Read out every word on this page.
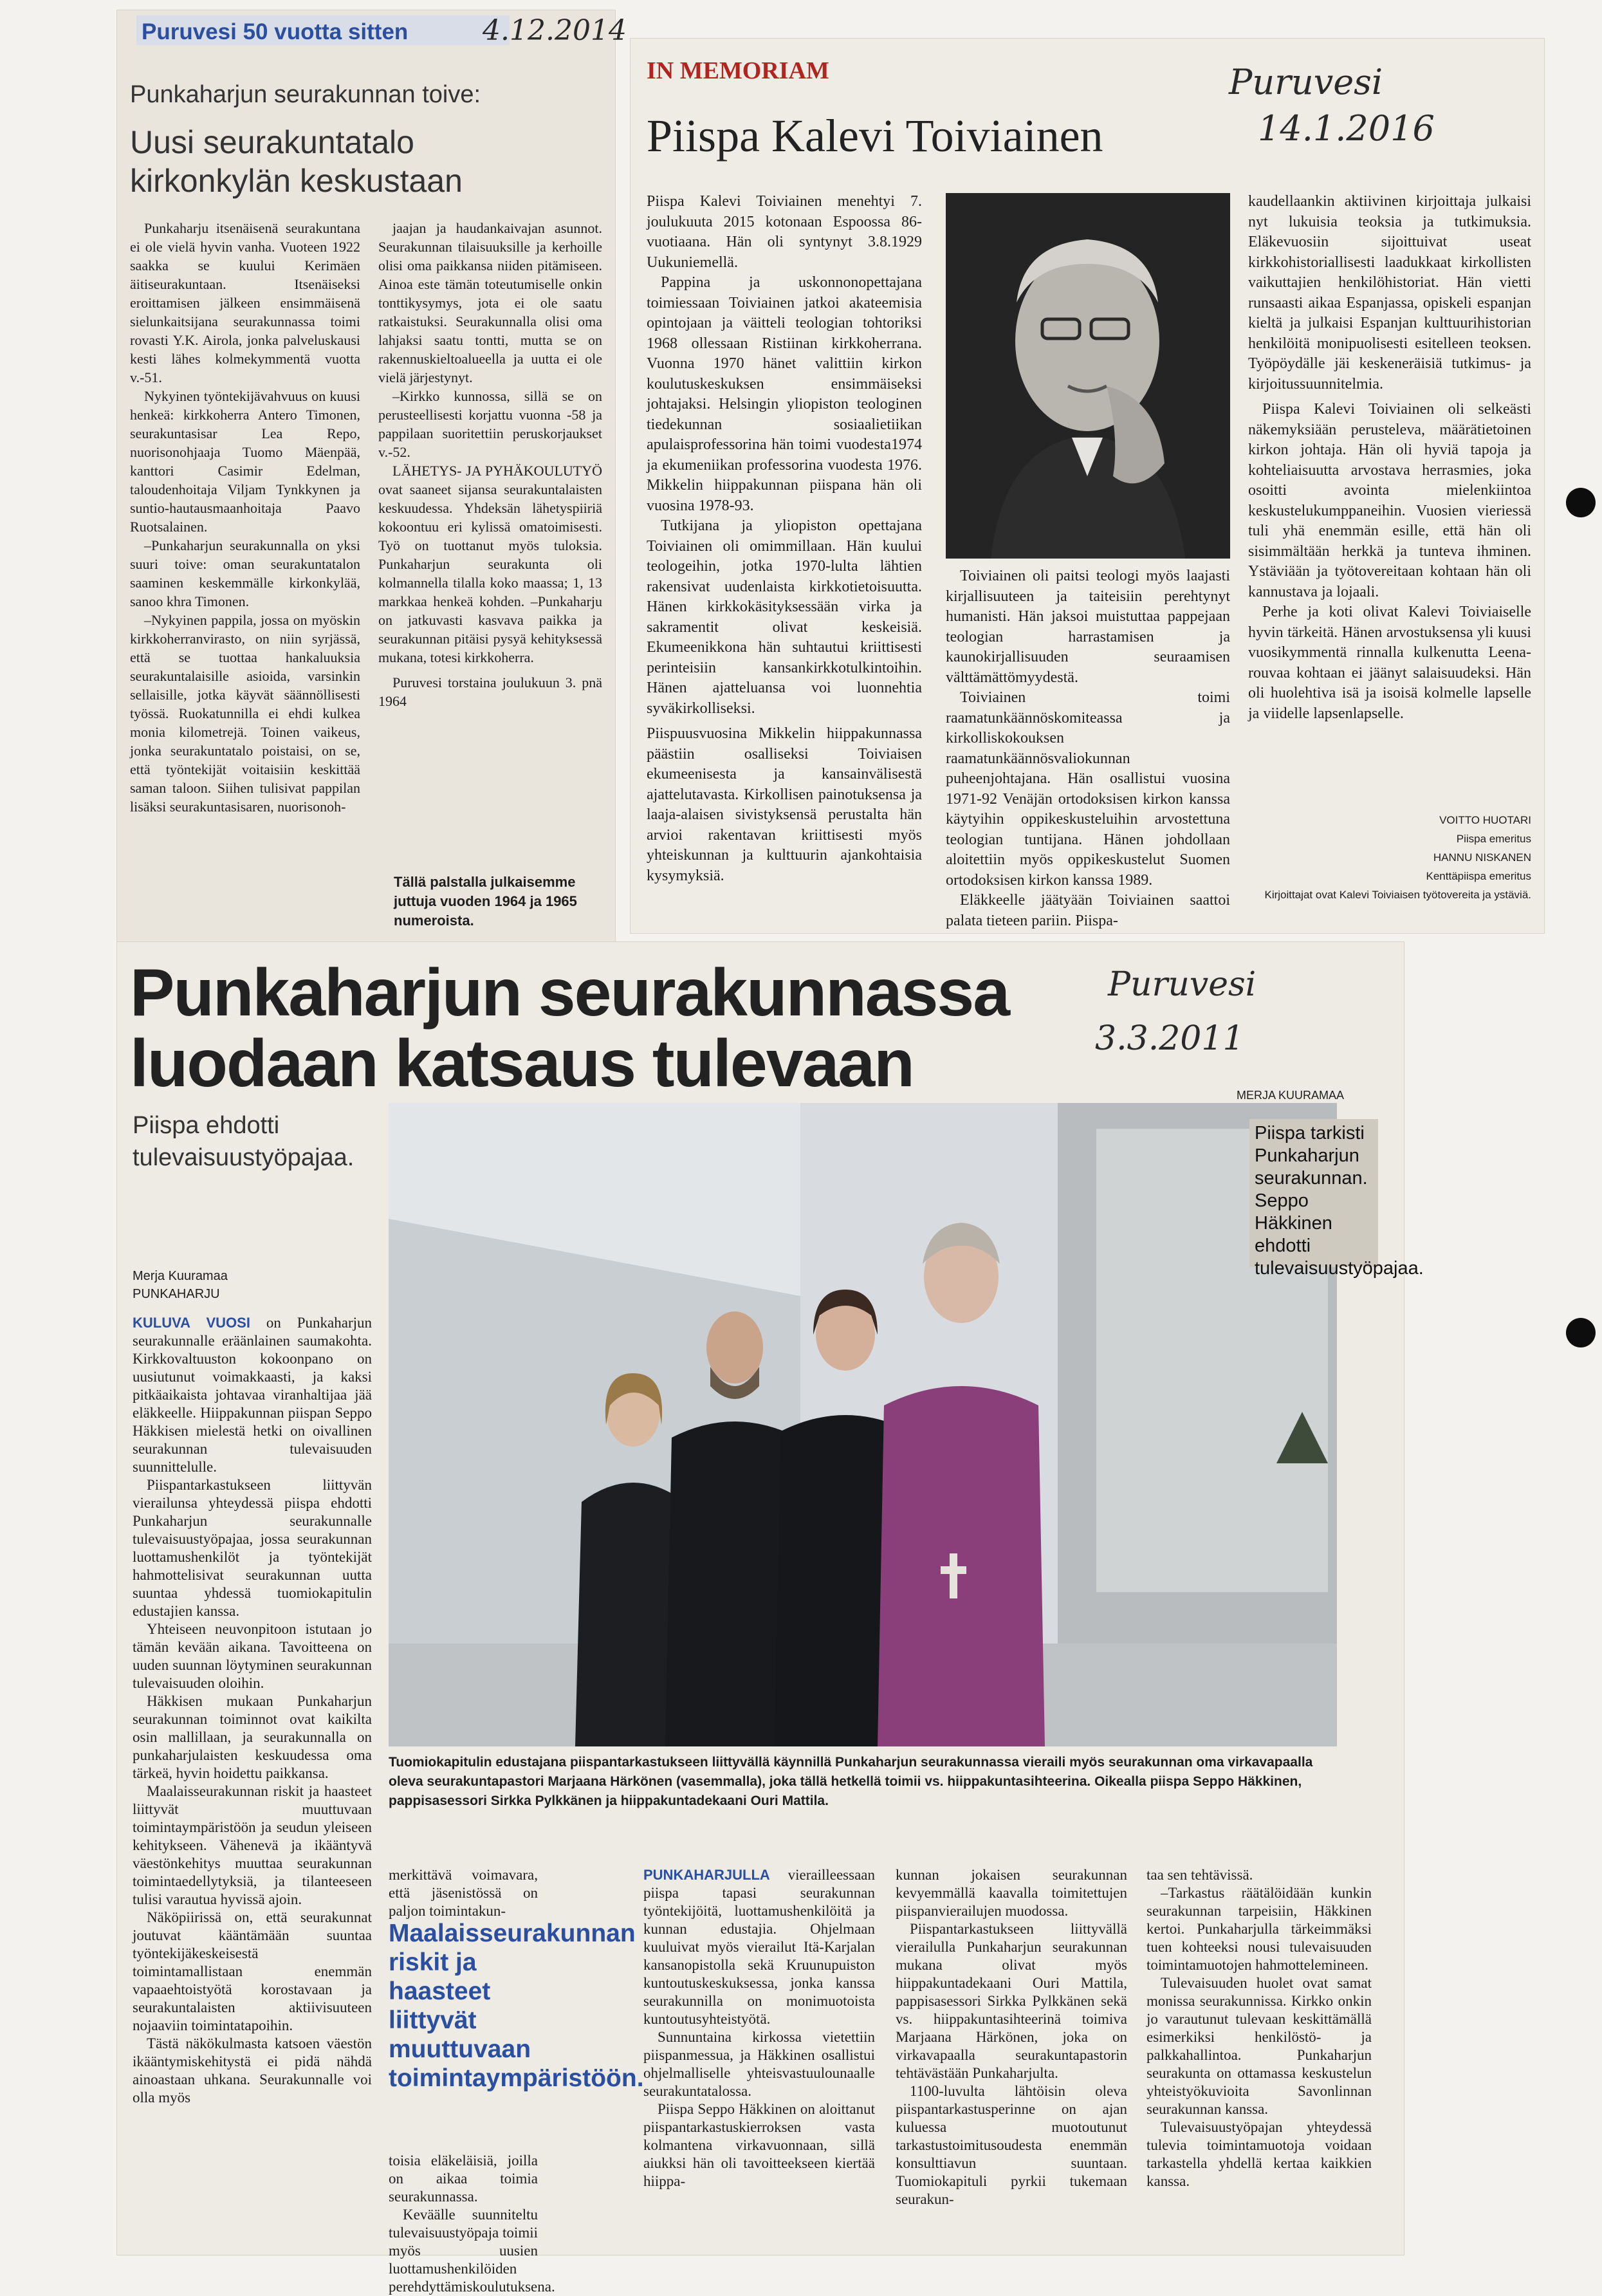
Puruvesi 50 vuotta sitten	4.12.2014
Punkaharjun seurakunnan toive:
Uusi seurakuntatalo
kirkonkylän keskustaan

Punkaharju itsenäisenä seurakuntana ei ole vielä hyvin vanha. Vuoteen 1922 saakka se kuului Kerimäen äitiseurakuntaan. Itsenäiseksi eroittamisen jälkeen ensimmäisenä sielunkaitsijana seurakunnassa toimi rovasti Y.K. Airola, jonka palveluskausi kesti lähes kolmekymmentä vuotta v.-51.

Nykyinen työntekijävahvuus on kuusi henkeä: kirkkoherra Antero Timonen, seurakuntasisar Lea Repo, nuorisonohjaaja Tuomo Mäenpää, kanttori Casimir Edelman, taloudenhoitaja Viljam Tynkkynen ja suntio-hautausmaanhoitaja Paavo Ruotsalainen.

–Punkaharjun seurakunnalla on yksi suuri toive: oman seurakuntatalon saaminen keskemmälle kirkonkylää, sanoo khra Timonen.

–Nykyinen pappila, jossa on myöskin kirkkoherranvirasto, on niin syrjässä, että se tuottaa hankaluuksia seurakuntalaisille asioida, varsinkin sellaisille, jotka käyvät säännöllisesti työssä. Ruokatunnilla ei ehdi kulkea monia kilometrejä. Toinen vaikeus, jonka seurakuntatalo poistaisi, on se, että työntekijät voitaisiin keskittää saman taloon. Siihen tulisivat pappilan lisäksi seurakuntasisaren, nuorisonoh-

jaajan ja haudankaivajan asunnot. Seurakunnan tilaisuuksille ja kerhoille olisi oma paikkansa niiden pitämiseen. Ainoa este tämän toteutumiselle onkin tonttikysymys, jota ei ole saatu ratkaistuksi. Seurakunnalla olisi oma lahjaksi saatu tontti, mutta se on rakennuskieltoalueella ja uutta ei ole vielä järjestynyt.

–Kirkko kunnossa, sillä se on perusteellisesti korjattu vuonna -58 ja pappilaan suoritettiin peruskorjaukset v.-52.

LÄHETYS- JA PYHÄKOULUTYÖ ovat saaneet sijansa seurakuntalaisten keskuudessa. Yhdeksän lähetyspiiriä kokoontuu eri kylissä omatoimisesti. Työ on tuottanut myös tuloksia. Punkaharjun seurakunta oli kolmannella tilalla koko maassa; 1, 13 markkaa henkeä kohden. –Punkaharju on jatkuvasti kasvava paikka ja seurakunnan pitäisi pysyä kehityksessä mukana, totesi kirkkoherra.

Puruvesi torstaina joulukuun 3. pnä 1964

Tällä palstalla julkaisemme juttuja vuoden 1964 ja 1965 numeroista.
IN MEMORIAM	Puruvesi
14.1.2016
Piispa Kalevi Toiviainen

Piispa Kalevi Toiviainen menehtyi 7. joulukuuta 2015 kotonaan Espoossa 86-vuotiaana. Hän oli syntynyt 3.8.1929 Uukuniemellä.

Pappina ja uskonnonopettajana toimiessaan Toiviainen jatkoi akateemisia opintojaan ja väitteli teologian tohtoriksi 1968 ollessaan Ristiinan kirkkoherrana. Vuonna 1970 hänet valittiin kirkon koulutuskeskuksen ensimmäiseksi johtajaksi. Helsingin yliopiston teologinen tiedekunnan sosiaalietiikan apulaisprofessorina hän toimi vuodesta1974 ja ekumeniikan professorina vuodesta 1976. Mikkelin hiippakunnan piispana hän oli vuosina 1978-93.

Tutkijana ja yliopiston opettajana Toiviainen oli omimmillaan. Hän kuului teologeihin, jotka 1970-lulta lähtien rakensivat uudenlaista kirkkotietoisuutta. Hänen kirkkokäsityksessään virka ja sakramentit olivat keskeisiä. Ekumeenikkona hän suhtautui kriittisesti perinteisiin kansankirkkotulkintoihin. Hänen ajatteluansa voi luonnehtia syväkirkolliseksi.

Piispuusvuosina Mikkelin hiippakunnassa päästiin osalliseksi Toiviaisen ekumeenisesta ja kansainvälisestä ajattelutavasta. Kirkollisen painotuksensa ja laaja-alaisen sivistyksensä perustalta hän arvioi rakentavan kriittisesti myös yhteiskunnan ja kulttuurin ajankohtaisia kysymyksiä.

Toiviainen oli paitsi teologi myös laajasti kirjallisuuteen ja taiteisiin perehtynyt humanisti. Hän jaksoi muistuttaa pappejaan teologian harrastamisen ja kaunokirjallisuuden seuraamisen välttämättömyydestä.

Toiviainen toimi raamatunkäännöskomiteassa ja kirkolliskokouksen raamatunkäännösvaliokunnan puheenjohtajana. Hän osallistui vuosina 1971-92 Venäjän ortodoksisen kirkon kanssa käytyihin oppikeskusteluihin arvostettuna teologian tuntijana. Hänen johdollaan aloitettiin myös oppikeskustelut Suomen ortodoksisen kirkon kanssa 1989.

Eläkkeelle jäätyään Toiviainen saattoi palata tieteen pariin. Piispa-

kaudellaankin aktiivinen kirjoittaja julkaisi nyt lukuisia teoksia ja tutkimuksia. Eläkevuosiin sijoittuivat useat kirkkohistoriallisesti laadukkaat kirkollisten vaikuttajien henkilöhistoriat. Hän vietti runsaasti aikaa Espanjassa, opiskeli espanjan kieltä ja julkaisi Espanjan kulttuurihistorian henkilöitä monipuolisesti esitelleen teoksen. Työpöydälle jäi keskeneräisiä tutkimus- ja kirjoitussuunnitelmia.

Piispa Kalevi Toiviainen oli selkeästi näkemyksiään perusteleva, määrätietoinen kirkon johtaja. Hän oli hyviä tapoja ja kohteliaisuutta arvostava herrasmies, joka osoitti avointa mielenkiintoa keskustelukumppaneihin. Vuosien vieriessä tuli yhä enemmän esille, että hän oli sisimmältään herkkä ja tunteva ihminen. Ystäviään ja työtovereitaan kohtaan hän oli kannustava ja lojaali.

Perhe ja koti olivat Kalevi Toiviaiselle hyvin tärkeitä. Hänen arvostuksensa yli kuusi vuosikymmentä rinnalla kulkenutta Leena-rouvaa kohtaan ei jäänyt salaisuudeksi. Hän oli huolehtiva isä ja isoisä kolmelle lapselle ja viidelle lapsenlapselle.

VOITTO HUOTARI
Piispa emeritus
HANNU NISKANEN
Kenttäpiispa emeritus
Kirjoittajat ovat Kalevi Toiviaisen työtovereita ja ystäviä.
Punkaharjun seurakunnassa
luodaan katsaus tulevaan
Puruvesi
3.3.2011
MERJA KUURAMAA
Piispa ehdotti tulevaisuustyöpajaa.
Merja Kuuramaa
PUNKAHARJU
Piispa tarkisti Punkaharjun seurakunnan. Seppo Häkkinen ehdotti tulevaisuustyöpajaa.
Tuomiokapitulin edustajana piispantarkastukseen liittyvällä käynnillä Punkaharjun seurakunnassa vieraili myös seurakunnan oma virkavapaalla oleva seurakuntapastori Marjaana Härkönen (vasemmalla), joka tällä hetkellä toimii vs. hiippakuntasihteerina. Oikealla piispa Seppo Häkkinen, pappisasessori Sirkka Pylkkänen ja hiippakuntadekaani Ouri Mattila.

KULUVA VUOSI on Punkaharjun seurakunnalle eräänlainen saumakohta. Kirkkovaltuuston kokoonpano on uusiutunut voimakkaasti, ja kaksi pitkäaikaista johtavaa viranhaltijaa jää eläkkeelle. Hiippakunnan piispan Seppo Häkkisen mielestä hetki on oivallinen seurakunnan tulevaisuuden suunnittelulle.

Piispantarkastukseen liittyvän vierailunsa yhteydessä piispa ehdotti Punkaharjun seurakunnalle tulevaisuustyöpajaa, jossa seurakunnan luottamushenkilöt ja työntekijät hahmottelisivat seurakunnan uutta suuntaa yhdessä tuomiokapitulin edustajien kanssa.

Yhteiseen neuvonpitoon istutaan jo tämän kevään aikana. Tavoitteena on uuden suunnan löytyminen seurakunnan tulevaisuuden oloihin.

Häkkisen mukaan Punkaharjun seurakunnan toiminnot ovat kaikilta osin mallillaan, ja seurakunnalla on punkaharjulaisten keskuudessa oma tärkeä, hyvin hoidettu paikkansa.

Maalaisseurakunnan riskit ja haasteet liittyvät muuttuvaan toimintaympäristöön ja seudun yleiseen kehitykseen. Vähenevä ja ikääntyvä väestönkehitys muuttaa seurakunnan toimintaedellytyksiä, ja tilanteeseen tulisi varautua hyvissä ajoin.

Näköpiirissä on, että seurakunnat joutuvat kääntämään suuntaa työntekijäkeskeisestä toimintamallistaan enemmän vapaaehtoistyötä korostavaan ja seurakuntalaisten aktiivisuuteen nojaaviin toimintatapoihin.

Tästä näkökulmasta katsoen väestön ikääntymiskehitystä ei pidä nähdä ainoastaan uhkana. Seurakunnalle voi olla myös

merkittävä voimavara, että jäsenistössä on paljon toimintakun-

Maalaisseurakunnan riskit ja haasteet liittyvät muuttuvaan toimintaympäristöön.

toisia eläkeläisiä, joilla on aikaa toimia seurakunnassa.

Keväälle suunniteltu tulevaisuustyöpaja toimii myös uusien luottamushenkilöiden perehdyttämiskoulutuksena.

PUNKAHARJULLA vierailleessaan piispa tapasi seurakunnan työntekijöitä, luottamushenkilöitä ja kunnan edustajia. Ohjelmaan kuuluivat myös vierailut Itä-Karjalan kansanopistolla sekä Kruunupuiston kuntoutuskeskuksessa, jonka kanssa seurakunnilla on monimuotoista kuntoutusyhteistyötä.

Sunnuntaina kirkossa vietettiin piispanmessua, ja Häkkinen osallistui ohjelmalliselle yhteisvastuulounaalle seurakuntatalossa.

Piispa Seppo Häkkinen on aloittanut piispantarkastuskierroksen vasta kolmantena virkavuonnaan, sillä aiukksi hän oli tavoitteekseen kiertää hiippa-

kunnan jokaisen seurakunnan kevyemmällä kaavalla toimitettujen piispanvierailujen muodossa.

Piispantarkastukseen liittyvällä vierailulla Punkaharjun seurakunnan mukana olivat myös hiippakuntadekaani Ouri Mattila, pappisasessori Sirkka Pylkkänen sekä vs. hiippakuntasihteerinä toimiva Marjaana Härkönen, joka on virkavapaalla seurakuntapastorin tehtävästään Punkaharjulta.

1100-luvulta lähtöisin oleva piispantarkastusperinne on ajan kuluessa muotoutunut tarkastustoimitusoudesta enemmän konsulttiavun suuntaan. Tuomiokapituli pyrkii tukemaan seurakun-

taa sen tehtävissä.

–Tarkastus räätälöidään kunkin seurakunnan tarpeisiin, Häkkinen kertoi. Punkaharjulla tärkeimmäksi tuen kohteeksi nousi tulevaisuuden toimintamuotojen hahmottelemineen.

Tulevaisuuden huolet ovat samat monissa seurakunnissa. Kirkko onkin jo varautunut tulevaan keskittämällä esimerkiksi henkilöstö- ja palkkahallintoa. Punkaharjun seurakunta on ottamassa keskustelun yhteistyökuvioita Savonlinnan seurakunnan kanssa.

Tulevaisuustyöpajan yhteydessä tulevia toimintamuotoja voidaan tarkastella yhdellä kertaa kaikkien kanssa.
